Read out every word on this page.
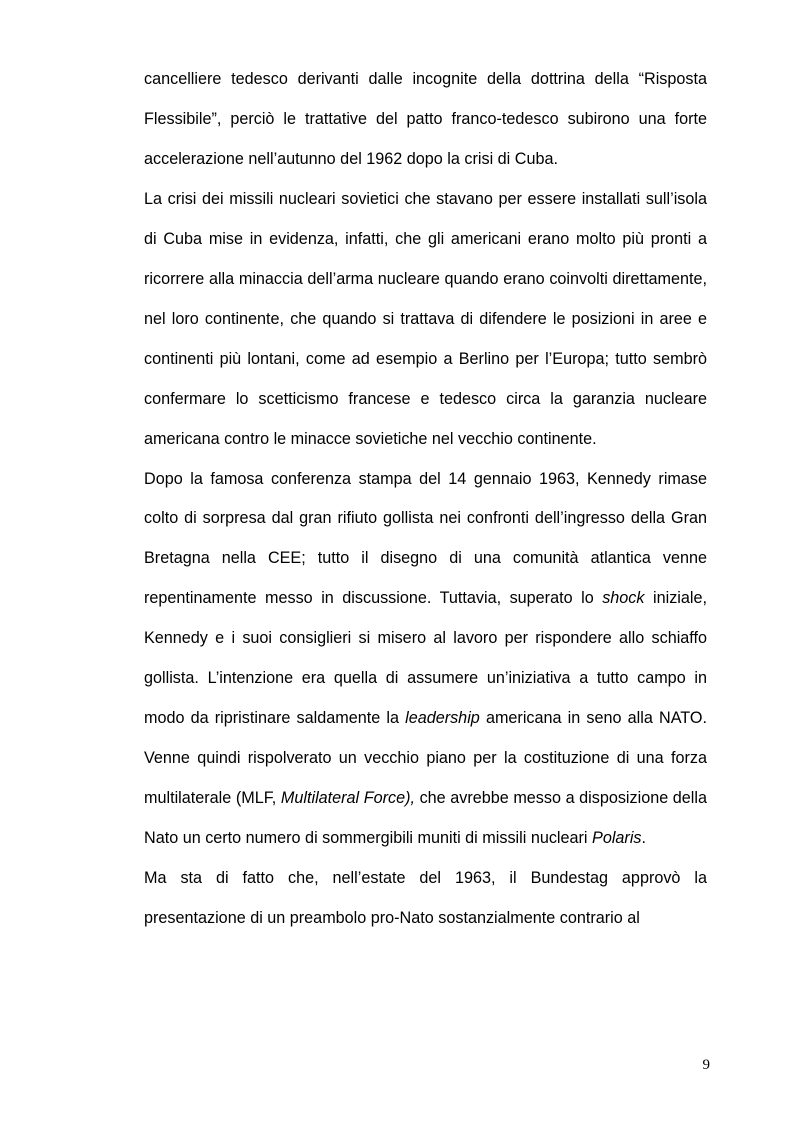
cancelliere tedesco derivanti dalle incognite della dottrina della “Risposta Flessibile”, perciò le trattative del patto franco-tedesco subirono una forte accelerazione nell’autunno del 1962 dopo la crisi di Cuba.

La crisi dei missili nucleari sovietici che stavano per essere installati sull’isola di Cuba mise in evidenza, infatti, che gli americani erano molto più pronti a ricorrere alla minaccia dell’arma nucleare quando erano coinvolti direttamente, nel loro continente, che quando si trattava di difendere le posizioni in aree e continenti più lontani, come ad esempio a Berlino per l’Europa; tutto sembrò confermare lo scetticismo francese e tedesco circa la garanzia nucleare americana contro le minacce sovietiche nel vecchio continente.

Dopo la famosa conferenza stampa del 14 gennaio 1963, Kennedy rimase colto di sorpresa dal gran rifiuto gollista nei confronti dell’ingresso della Gran Bretagna nella CEE; tutto il disegno di una comunità atlantica venne repentinamente messo in discussione. Tuttavia, superato lo shock iniziale, Kennedy e i suoi consiglieri si misero al lavoro per rispondere allo schiaffo gollista. L’intenzione era quella di assumere un’iniziativa a tutto campo in modo da ripristinare saldamente la leadership americana in seno alla NATO. Venne quindi rispolverato un vecchio piano per la costituzione di una forza multilaterale (MLF, Multilateral Force), che avrebbe messo a disposizione della Nato un certo numero di sommergibili muniti di missili nucleari Polaris.

Ma sta di fatto che, nell’estate del 1963, il Bundestag approvò la presentazione di un preambolo pro-Nato sostanzialmente contrario al

9
